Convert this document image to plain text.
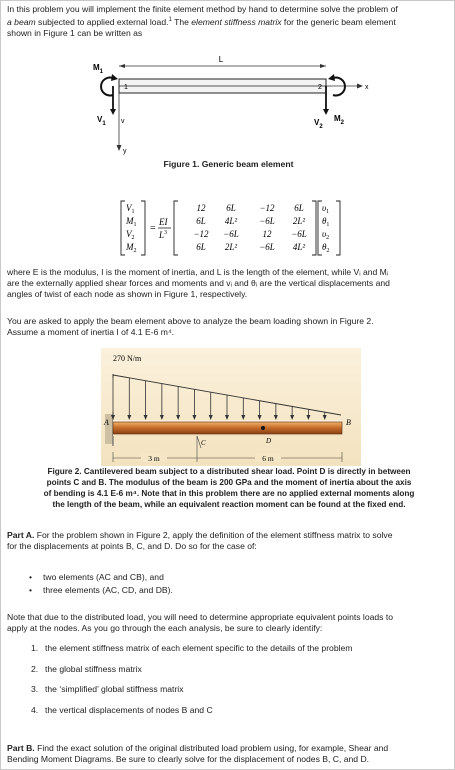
In this problem you will implement the finite element method by hand to determine solve the problem of
a beam subjected to applied external load.$^1$ The element stiffness matrix for the generic beam element
shown in Figure 1 can be written as

L
1	2
$M_1$
$V_1$ v
y
x
$V_2$
$M_2$
Figure 1. Generic beam element
$V_1$
$M_1$
$V_2$
$M_2$
=
EI
$L^3$
12 6L	−12 6L
6L 4L² −6L 2L²
−12 −6L	12 −6L
6L 2L² −6L 4L²
$\upsilon_1$
$\theta_1$
$\upsilon_2$
$\theta_2$

where E is the modulus, I is the moment of inertia, and L is the length of the element, while Vᵢ and Mᵢ
are the externally applied shear forces and moments and vᵢ and θᵢ are the vertical displacements and
angles of twist of each node as shown in Figure 1, respectively.

You are asked to apply the beam element above to analyze the beam loading shown in Figure 2.
Assume a moment of inertia I of 4.1 E-6 m⁴.

270 N/m
A	B
C	D
3 m	6 m
Figure 2. Cantilevered beam subject to a distributed shear load. Point D is directly in between
points C and B. The modulus of the beam is 200 GPa and the moment of inertia about the axis
of bending is 4.1 E-6 m⁴. Note that in this problem there are no applied external moments along
the length of the beam, while an equivalent reaction moment can be found at the fixed end.

Part A. For the problem shown in Figure 2, apply the definition of the element stiffness matrix to solve
for the displacements at points B, C, and D. Do so for the case of:

• two elements (AC and CB), and
• three elements (AC, CD, and DB).

Note that due to the distributed load, you will need to determine appropriate equivalent points loads to
apply at the nodes. As you go through the each analysis, be sure to clearly identify:

1. the element stiffness matrix of each element specific to the details of the problem
2. the global stiffness matrix
3. the ‘simplified’ global stiffness matrix
4. the vertical displacements of nodes B and C

Part B. Find the exact solution of the original distributed load problem using, for example, Shear and
Bending Moment Diagrams. Be sure to clearly solve for the displacement of nodes B, C, and D.
